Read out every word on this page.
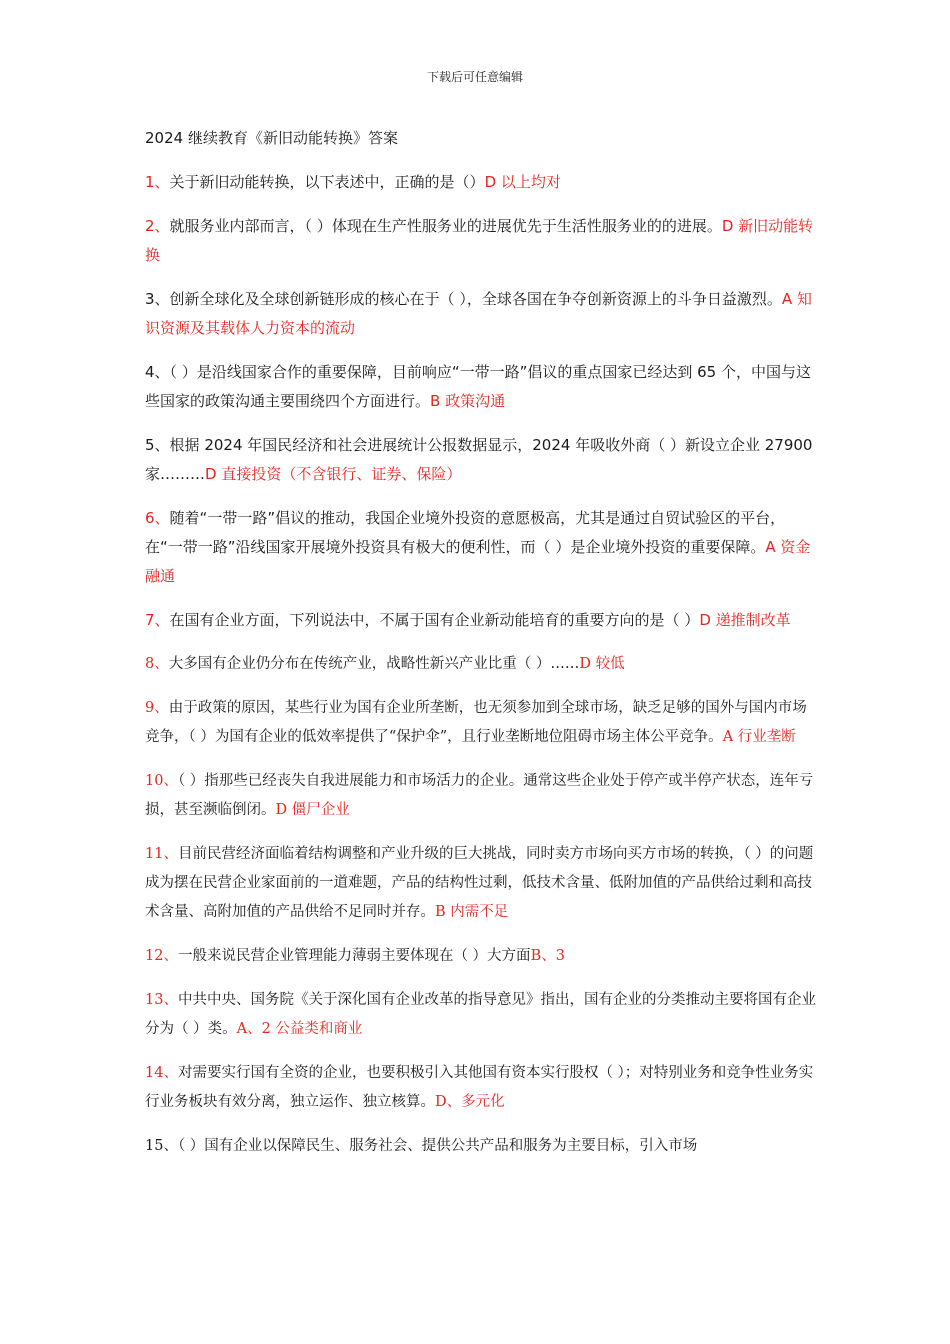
下载后可任意编辑
2024 继续教育《新旧动能转换》答案

1、关于新旧动能转换，以下表述中，正确的是（）D 以上均对

2、就服务业内部而言，（ ）体现在生产性服务业的进展优先于生活性服务业的的进展。D 新旧动能转换

3、创新全球化及全球创新链形成的核心在于（ ），全球各国在争夺创新资源上的斗争日益激烈。A 知识资源及其载体人力资本的流动

4、（ ）是沿线国家合作的重要保障，目前响应“一带一路”倡议的重点国家已经达到 65 个，中国与这些国家的政策沟通主要围绕四个方面进行。B 政策沟通

5、根据 2024 年国民经济和社会进展统计公报数据显示，2024 年吸收外商（ ）新设立企业 27900 家………D 直接投资（不含银行、证券、保险）

6、随着“一带一路”倡议的推动，我国企业境外投资的意愿极高，尤其是通过自贸试验区的平台，在“一带一路”沿线国家开展境外投资具有极大的便利性，而（ ）是企业境外投资的重要保障。A 资金融通

7、在国有企业方面，下列说法中，不属于国有企业新动能培育的重要方向的是（ ）D 递推制改革

8、大多国有企业仍分布在传统产业，战略性新兴产业比重（ ）……D 较低

9、由于政策的原因，某些行业为国有企业所垄断，也无须参加到全球市场，缺乏足够的国外与国内市场竞争，（ ）为国有企业的低效率提供了“保护伞”，且行业垄断地位阻碍市场主体公平竞争。A 行业垄断

10、（ ）指那些已经丧失自我进展能力和市场活力的企业。通常这些企业处于停产或半停产状态，连年亏损，甚至濒临倒闭。D 僵尸企业

11、目前民营经济面临着结构调整和产业升级的巨大挑战，同时卖方市场向买方市场的转换，（ ）的问题成为摆在民营企业家面前的一道难题，产品的结构性过剩，低技术含量、低附加值的产品供给过剩和高技术含量、高附加值的产品供给不足同时并存。B 内需不足

12、一般来说民营企业管理能力薄弱主要体现在（ ）大方面B、3

13、中共中央、国务院《关于深化国有企业改革的指导意见》指出，国有企业的分类推动主要将国有企业分为（ ）类。A、2 公益类和商业

14、对需要实行国有全资的企业，也要积极引入其他国有资本实行股权（ ）；对特别业务和竞争性业务实行业务板块有效分离，独立运作、独立核算。D、多元化

15、（ ）国有企业以保障民生、服务社会、提供公共产品和服务为主要目标，引入市场
